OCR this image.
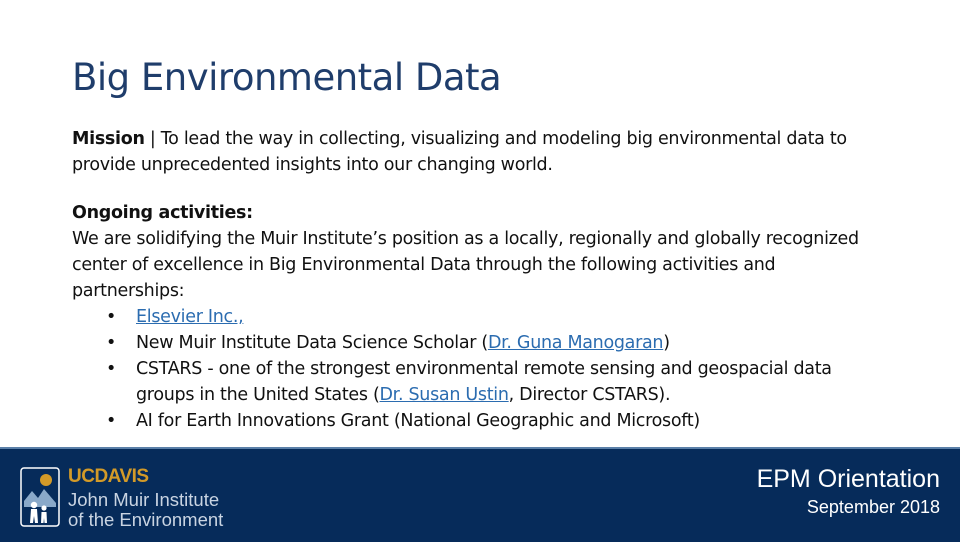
Big Environmental Data

Mission | To lead the way in collecting, visualizing and modeling big environmental data to provide unprecedented insights into our changing world.

Ongoing activities:
We are solidifying the Muir Institute’s position as a locally, regionally and globally recognized center of excellence in Big Environmental Data through the following activities and partnerships:
•	Elsevier Inc.,
•	New Muir Institute Data Science Scholar (Dr. Guna Manogaran)
•	CSTARS - one of the strongest environmental remote sensing and geospacial data groups in the United States (Dr. Susan Ustin, Director CSTARS).
•	AI for Earth Innovations Grant (National Geographic and Microsoft)
UCDAVIS
John Muir Institute
of the Environment
EPM Orientation
September 2018
